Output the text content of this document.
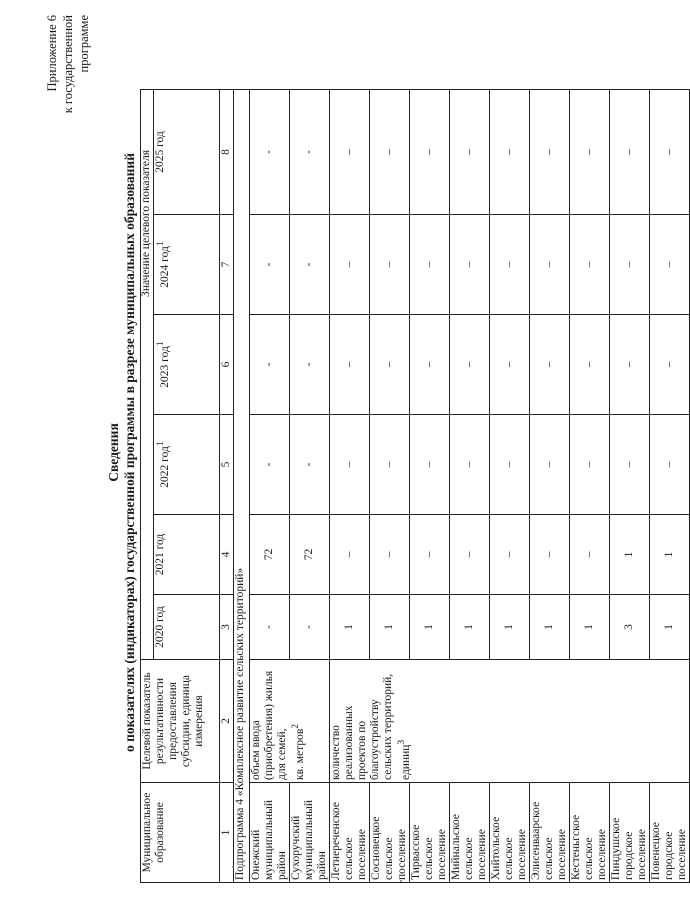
Приложение 6 к государственной программе
Сведения о показателях (индикаторах) государственной программы в разрезе муниципальных образований
Муниципальное образование	Целевой показатель результативности предоставления субсидии, единица измерения	Значение целевого показателя					
		2020 год	2021 год	2022 год$^1$	2023 год$^1$	2024 год$^1$	2025 год
1	2	3	4	5	6	7	8
Подпрограмма 4 «Комплексное развитие сельских территорий»							
Онежский муниципальный район	объем ввода (приобретения) жилья для семей, кв. метров$^2$	-	72	-	-	-	-
Сухоручский муниципальный район		-	72	-	-	-	-
Летнереченское сельское поселение	количество реализованных проектов по благоустройству сельских территорий, единиц$^3$	1	–	–	–	–	–
Сосновецкое сельское поселение		1	–	–	–	–	–
Тирвасское сельское поселение		1	–	–	–	–	–
Мийнальское сельское поселение		1	–	–	–	–	–
Хийтольское сельское поселение		1	–	–	–	–	–
Элисенваарское сельское поселение		1	–	–	–	–	–
Кестеньгское сельское поселение		1	–	–	–	–	–
Пиндушское городское поселение		3	1	–	–	–	–
Повенецкое городское поселение		1	1	–	–	–	–
